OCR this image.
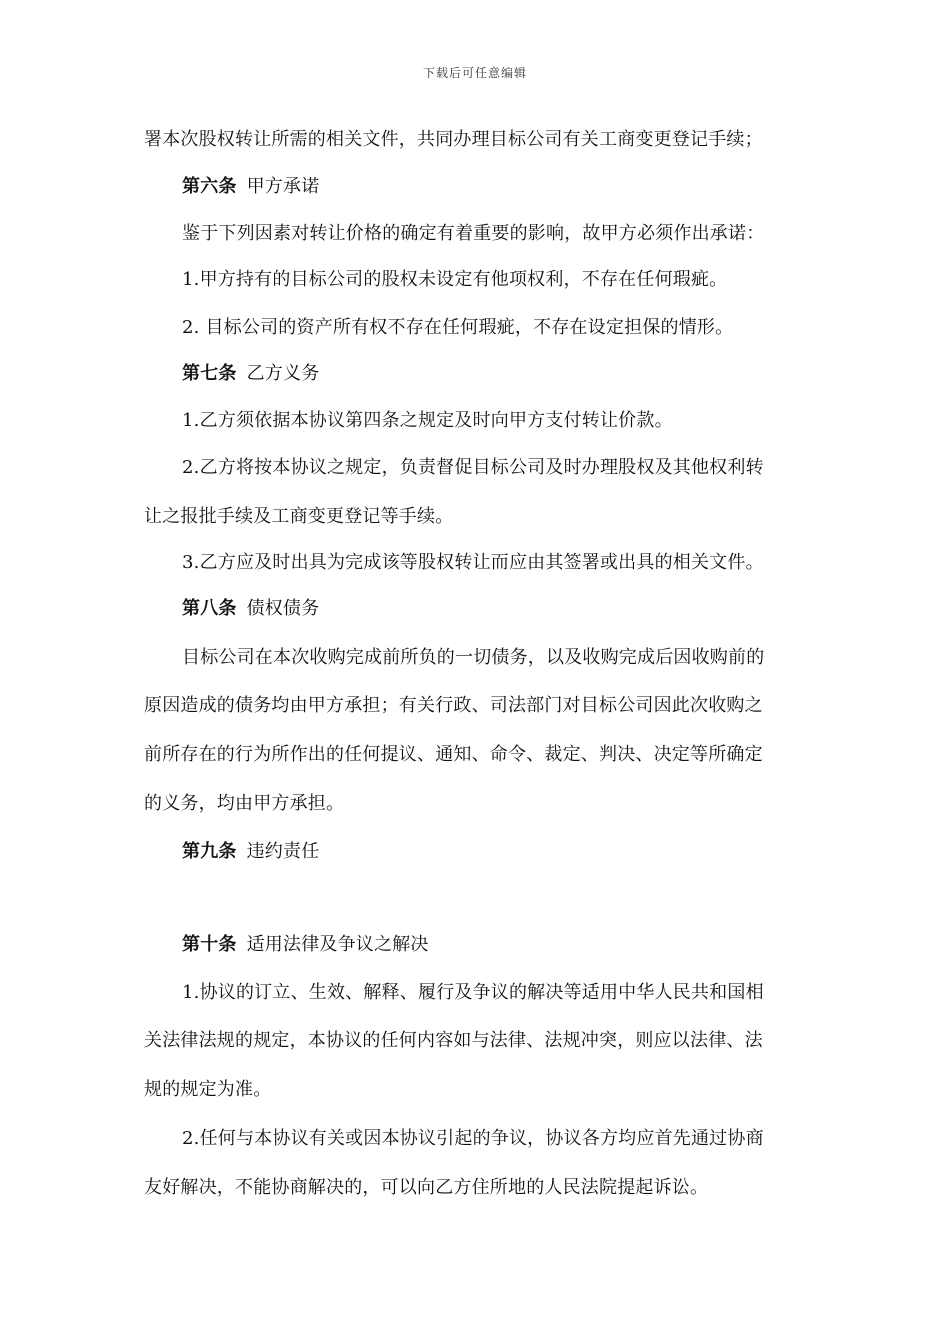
下载后可任意编辑
署本次股权转让所需的相关文件，共同办理目标公司有关工商变更登记手续；
第六条 甲方承诺
鉴于下列因素对转让价格的确定有着重要的影响，故甲方必须作出承诺：
1.甲方持有的目标公司的股权未设定有他项权利，不存在任何瑕疵。
2. 目标公司的资产所有权不存在任何瑕疵，不存在设定担保的情形。
第七条 乙方义务
1.乙方须依据本协议第四条之规定及时向甲方支付转让价款。
2.乙方将按本协议之规定，负责督促目标公司及时办理股权及其他权利转
让之报批手续及工商变更登记等手续。
3.乙方应及时出具为完成该等股权转让而应由其签署或出具的相关文件。
第八条 债权债务
目标公司在本次收购完成前所负的一切债务，以及收购完成后因收购前的
原因造成的债务均由甲方承担；有关行政、司法部门对目标公司因此次收购之
前所存在的行为所作出的任何提议、通知、命令、裁定、判决、决定等所确定
的义务，均由甲方承担。
第九条 违约责任
第十条 适用法律及争议之解决
1.协议的订立、生效、解释、履行及争议的解决等适用中华人民共和国相
关法律法规的规定，本协议的任何内容如与法律、法规冲突，则应以法律、法
规的规定为准。
2.任何与本协议有关或因本协议引起的争议，协议各方均应首先通过协商
友好解决，不能协商解决的，可以向乙方住所地的人民法院提起诉讼。
